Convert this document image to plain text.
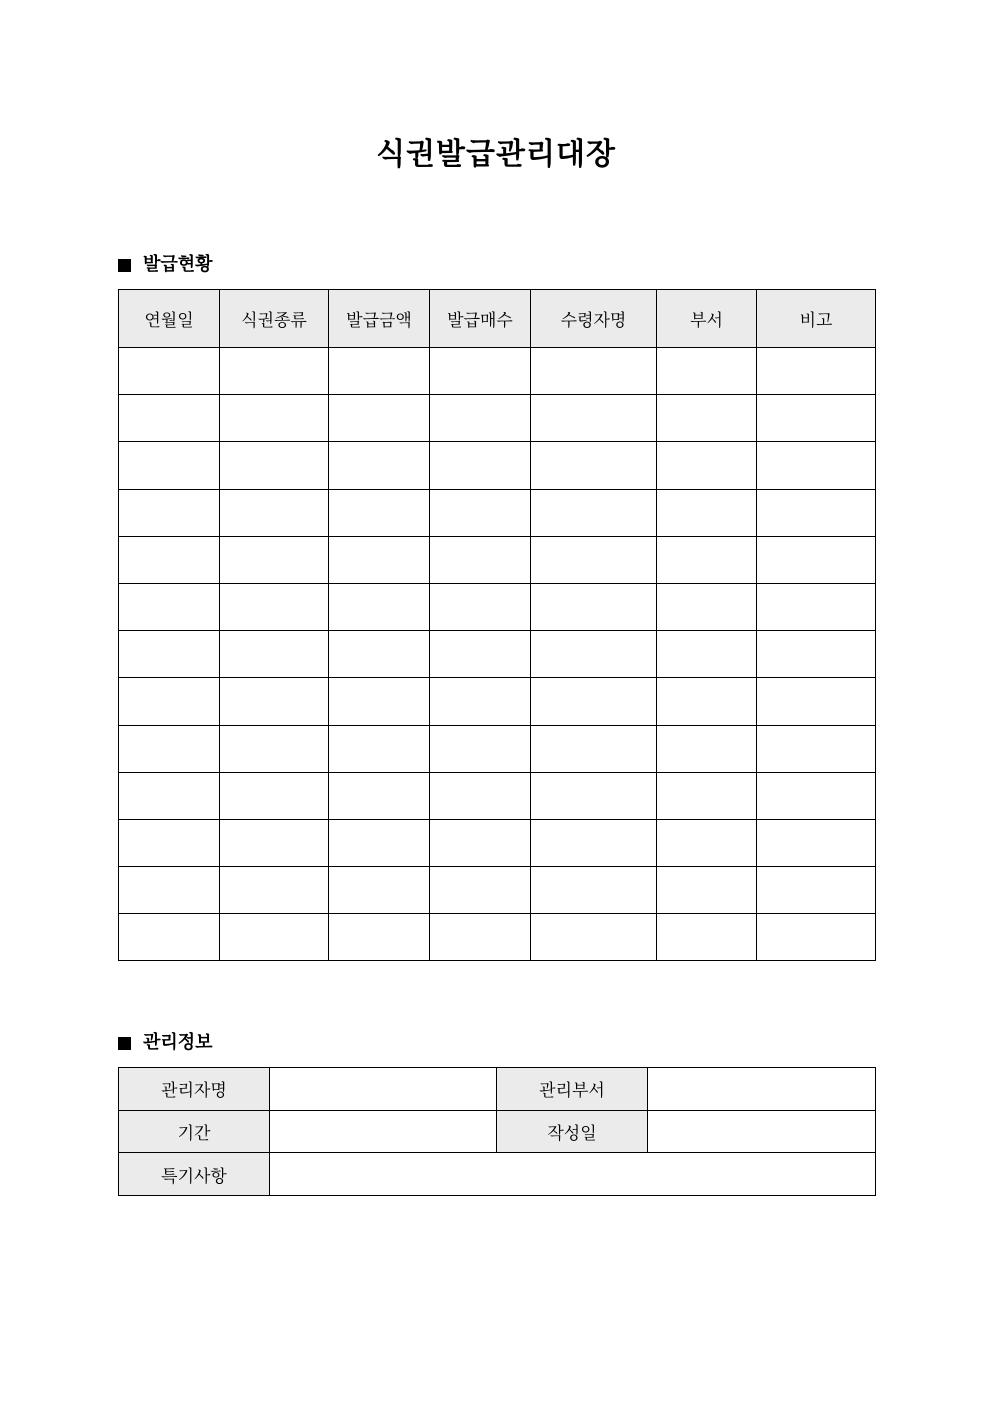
식권발급관리대장
발급현황
연월일	식권종류	발급금액	발급매수	수령자명	부서	비고

관리정보
관리자명		관리부서	
기간		작성일	
특기사항			
